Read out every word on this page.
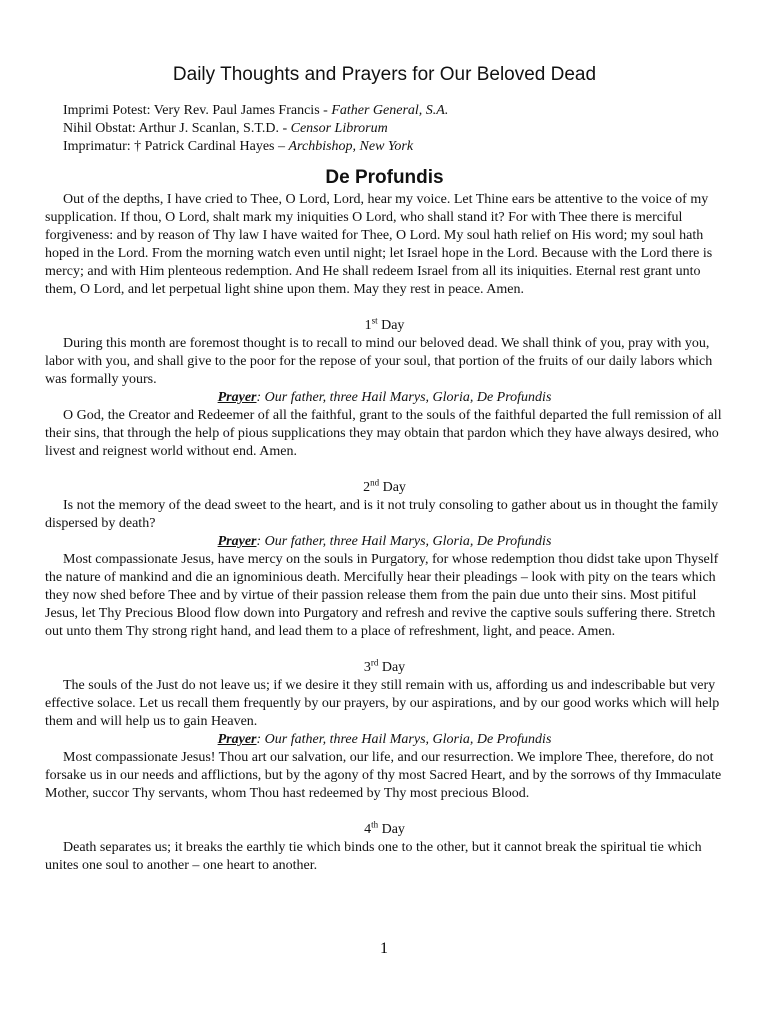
Daily Thoughts and Prayers for Our Beloved Dead
Imprimi Potest: Very Rev. Paul James Francis - Father General, S.A.
Nihil Obstat: Arthur J. Scanlan, S.T.D. - Censor Librorum
Imprimatur: † Patrick Cardinal Hayes – Archbishop, New York
De Profundis

Out of the depths, I have cried to Thee, O Lord, Lord, hear my voice. Let Thine ears be attentive to the voice of my supplication. If thou, O Lord, shalt mark my iniquities O Lord, who shall stand it? For with Thee there is merciful forgiveness: and by reason of Thy law I have waited for Thee, O Lord. My soul hath relief on His word; my soul hath hoped in the Lord. From the morning watch even until night; let Israel hope in the Lord. Because with the Lord there is mercy; and with Him plenteous redemption. And He shall redeem Israel from all its iniquities. Eternal rest grant unto them, O Lord, and let perpetual light shine upon them. May they rest in peace. Amen.

1st Day

During this month are foremost thought is to recall to mind our beloved dead. We shall think of you, pray with you, labor with you, and shall give to the poor for the repose of your soul, that portion of the fruits of our daily labors which was formally yours.

Prayer: Our father, three Hail Marys, Gloria, De Profundis

O God, the Creator and Redeemer of all the faithful, grant to the souls of the faithful departed the full remission of all their sins, that through the help of pious supplications they may obtain that pardon which they have always desired, who livest and reignest world without end. Amen.

2nd Day

Is not the memory of the dead sweet to the heart, and is it not truly consoling to gather about us in thought the family dispersed by death?

Prayer: Our father, three Hail Marys, Gloria, De Profundis

Most compassionate Jesus, have mercy on the souls in Purgatory, for whose redemption thou didst take upon Thyself the nature of mankind and die an ignominious death. Mercifully hear their pleadings – look with pity on the tears which they now shed before Thee and by virtue of their passion release them from the pain due unto their sins. Most pitiful Jesus, let Thy Precious Blood flow down into Purgatory and refresh and revive the captive souls suffering there. Stretch out unto them Thy strong right hand, and lead them to a place of refreshment, light, and peace. Amen.

3rd Day

The souls of the Just do not leave us; if we desire it they still remain with us, affording us and indescribable but very effective solace. Let us recall them frequently by our prayers, by our aspirations, and by our good works which will help them and will help us to gain Heaven.

Prayer: Our father, three Hail Marys, Gloria, De Profundis

Most compassionate Jesus! Thou art our salvation, our life, and our resurrection. We implore Thee, therefore, do not forsake us in our needs and afflictions, but by the agony of thy most Sacred Heart, and by the sorrows of thy Immaculate Mother, succor Thy servants, whom Thou hast redeemed by Thy most precious Blood.

4th Day

Death separates us; it breaks the earthly tie which binds one to the other, but it cannot break the spiritual tie which unites one soul to another – one heart to another.

1
